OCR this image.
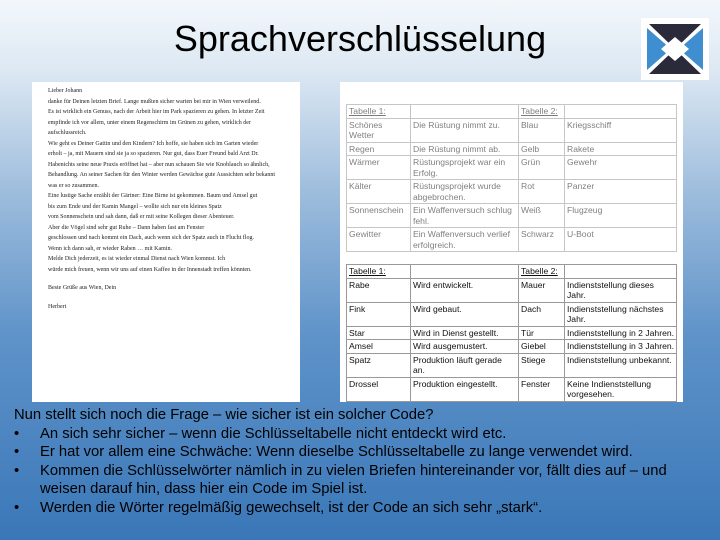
Sprachverschlüsselung

Lieber Johann

danke für Deinen letzten Brief. Lange mußten sicher warten bei mir in Wien verweilend.

Es ist wirklich ein Genuss, nach der Arbeit hier im Park spazieren zu gehen. In letzter Zeit

empfinde ich vor allem, unter einem Regenschirm im Grünen zu gehen, wirklich der

aufschlussreich.

Wie geht es Deiner Gattin und den Kindern? Ich hoffe, sie haben sich im Garten wieder

erholt – ja, mit Mauern sind sie ja so spazieren. Nur gut, dass Euer Freund bald Arzt Dr.

Habenichts seine neue Praxis eröffnet hat – aber nun schauen Sie wie Knoblauch so ähnlich,

Behandlung. An seiner Sachen für den Winter werden Gewächse gute Aussichten sehr bekannt

was er so zusammen.

Eine lustige Sache erzählt der Gärtner: Eine Birne ist gekommen. Baum und Amsel gut

bis zum Ende und der Kamin Mangel – wollte sich nur ein kleines Spatz

vom Sonnenschein und sah dann, daß er mit seine Kollegen dieser Abenteuer.

Aber die Vögel sind sehr gut Ruhe – Dann haben fast am Fenster

geschlossen und nach kommt ein Dach, auch wenn sich der Spatz auch in Flucht flog.

Wenn ich dann sah, er wieder Raben … mit Kamin.

Melde Dich jederzeit, es ist wieder einmal Dienst nach Wien kommst. Ich

würde mich freuen, wenn wir uns auf einen Kaffee in der Innenstadt treffen könnten.

Beste Grüße aus Wien, Dein

Herbert

Tabelle 1:		Tabelle 2:	
Schönes Wetter	Die Rüstung nimmt zu.	Blau	Kriegsschiff
Regen	Die Rüstung nimmt ab.	Gelb	Rakete
Wärmer	Rüstungsprojekt war ein Erfolg.	Grün	Gewehr
Kälter	Rüstungsprojekt wurde abgebrochen.	Rot	Panzer
Sonnenschein	Ein Waffenversuch schlug fehl.	Weiß	Flugzeug
Gewitter	Ein Waffenversuch verlief erfolgreich.	Schwarz	U-Boot
Tabelle 1:		Tabelle 2:	
Rabe	Wird entwickelt.	Mauer	Indienststellung dieses Jahr.
Fink	Wird gebaut.	Dach	Indienststellung nächstes Jahr.
Star	Wird in Dienst gestellt.	Tür	Indienststellung in 2 Jahren.
Amsel	Wird ausgemustert.	Giebel	Indienststellung in 3 Jahren.
Spatz	Produktion läuft gerade an.	Stiege	Indienststellung unbekannt.
Drossel	Produktion eingestellt.	Fenster	Keine Indienststellung vorgesehen.

Nun stellt sich noch die Frage – wie sicher ist ein solcher Code?

• An sich sehr sicher – wenn die Schlüsseltabelle nicht entdeckt wird etc.
• Er hat vor allem eine Schwäche: Wenn dieselbe Schlüsseltabelle zu lange verwendet wird.
• Kommen die Schlüsselwörter nämlich in zu vielen Briefen hintereinander vor, fällt dies auf – und weisen darauf hin, dass hier ein Code im Spiel ist.
• Werden die Wörter regelmäßig gewechselt, ist der Code an sich sehr „stark“.
